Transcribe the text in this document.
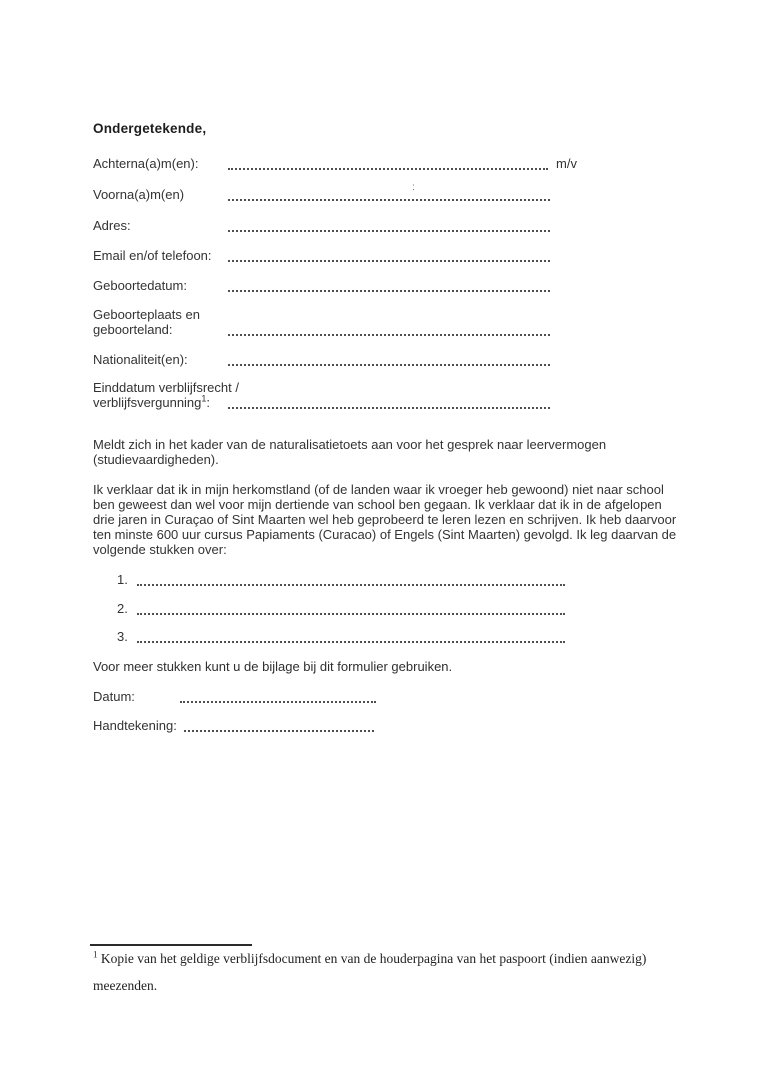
Ondergetekende,
Achterna(a)m(en):	m/v
Voorna(a)m(en)	:
Adres:
Email en/of telefoon:
Geboortedatum:
Geboorteplaats en
geboorteland:
Nationaliteit(en):
Einddatum verblijfsrecht /
verblijfsvergunning$^1$:
Meldt zich in het kader van de naturalisatietoets aan voor het gesprek naar leervermogen
(studievaardigheden).
Ik verklaar dat ik in mijn herkomstland (of de landen waar ik vroeger heb gewoond) niet naar school
ben geweest dan wel voor mijn dertiende van school ben gegaan. Ik verklaar dat ik in de afgelopen
drie jaren in Curaçao of Sint Maarten wel heb geprobeerd te leren lezen en schrijven. Ik heb daarvoor
ten minste 600 uur cursus Papiaments (Curacao) of Engels (Sint Maarten) gevolgd. Ik leg daarvan de
volgende stukken over:
1.
2.
3.
Voor meer stukken kunt u de bijlage bij dit formulier gebruiken.
Datum:
Handtekening:
$^1$ Kopie van het geldige verblijfsdocument en van de houderpagina van het paspoort (indien aanwezig)
meezenden.
